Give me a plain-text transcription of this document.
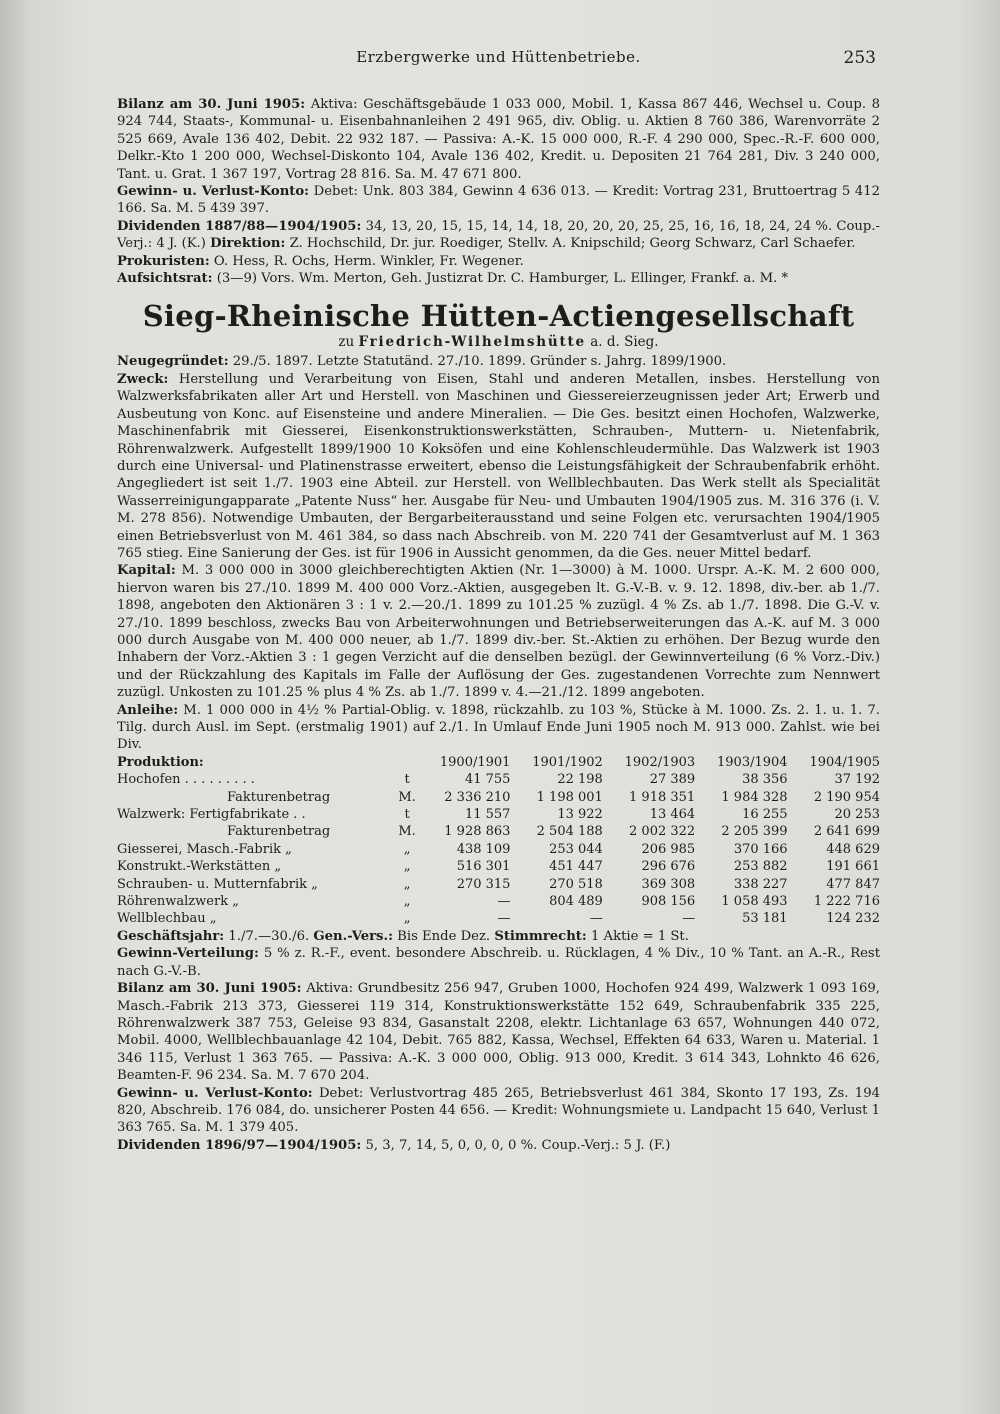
Erzbergwerke und Hüttenbetriebe.	253

Bilanz am 30. Juni 1905: Aktiva: Geschäftsgebäude 1 033 000, Mobil. 1, Kassa 867 446, Wechsel u. Coup. 8 924 744, Staats-, Kommunal- u. Eisenbahnanleihen 2 491 965, div. Oblig. u. Aktien 8 760 386, Warenvorräte 2 525 669, Avale 136 402, Debit. 22 932 187. — Passiva: A.-K. 15 000 000, R.-F. 4 290 000, Spec.-R.-F. 600 000, Delkr.-Kto 1 200 000, Wechsel-Diskonto 104, Avale 136 402, Kredit. u. Depositen 21 764 281, Div. 3 240 000, Tant. u. Grat. 1 367 197, Vortrag 28 816. Sa. M. 47 671 800.

Gewinn- u. Verlust-Konto: Debet: Unk. 803 384, Gewinn 4 636 013. — Kredit: Vortrag 231, Bruttoertrag 5 412 166. Sa. M. 5 439 397.

Dividenden 1887/88—1904/1905: 34, 13, 20, 15, 15, 14, 14, 18, 20, 20, 20, 25, 25, 16, 16, 18, 24, 24 %. Coup.-Verj.: 4 J. (K.) Direktion: Z. Hochschild, Dr. jur. Roediger, Stellv. A. Knipschild; Georg Schwarz, Carl Schaefer.

Prokuristen: O. Hess, R. Ochs, Herm. Winkler, Fr. Wegener.

Aufsichtsrat: (3—9) Vors. Wm. Merton, Geh. Justizrat Dr. C. Hamburger, L. Ellinger, Frankf. a. M. *

Sieg-Rheinische Hütten-Actiengesellschaft
zu Friedrich-Wilhelmshütte a. d. Sieg.

Neugegründet: 29./5. 1897. Letzte Statutänd. 27./10. 1899. Gründer s. Jahrg. 1899/1900.

Zweck: Herstellung und Verarbeitung von Eisen, Stahl und anderen Metallen, insbes. Herstellung von Walzwerksfabrikaten aller Art und Herstell. von Maschinen und Giessereierzeugnissen jeder Art; Erwerb und Ausbeutung von Konc. auf Eisensteine und andere Mineralien. — Die Ges. besitzt einen Hochofen, Walzwerke, Maschinenfabrik mit Giesserei, Eisenkonstruktionswerkstätten, Schrauben-, Muttern- u. Nietenfabrik, Röhrenwalzwerk. Aufgestellt 1899/1900 10 Koksöfen und eine Kohlenschleudermühle. Das Walzwerk ist 1903 durch eine Universal- und Platinenstrasse erweitert, ebenso die Leistungsfähigkeit der Schraubenfabrik erhöht. Angegliedert ist seit 1./7. 1903 eine Abteil. zur Herstell. von Wellblechbauten. Das Werk stellt als Specialität Wasserreinigungapparate „Patente Nuss“ her. Ausgabe für Neu- und Umbauten 1904/1905 zus. M. 316 376 (i. V. M. 278 856). Notwendige Umbauten, der Bergarbeiterausstand und seine Folgen etc. verursachten 1904/1905 einen Betriebsverlust von M. 461 384, so dass nach Abschreib. von M. 220 741 der Gesamtverlust auf M. 1 363 765 stieg. Eine Sanierung der Ges. ist für 1906 in Aussicht genommen, da die Ges. neuer Mittel bedarf.

Kapital: M. 3 000 000 in 3000 gleichberechtigten Aktien (Nr. 1—3000) à M. 1000. Urspr. A.-K. M. 2 600 000, hiervon waren bis 27./10. 1899 M. 400 000 Vorz.-Aktien, ausgegeben lt. G.-V.-B. v. 9. 12. 1898, div.-ber. ab 1./7. 1898, angeboten den Aktionären 3 : 1 v. 2.—20./1. 1899 zu 101.25 % zuzügl. 4 % Zs. ab 1./7. 1898. Die G.-V. v. 27./10. 1899 beschloss, zwecks Bau von Arbeiterwohnungen und Betriebserweiterungen das A.-K. auf M. 3 000 000 durch Ausgabe von M. 400 000 neuer, ab 1./7. 1899 div.-ber. St.-Aktien zu erhöhen. Der Bezug wurde den Inhabern der Vorz.-Aktien 3 : 1 gegen Verzicht auf die denselben bezügl. der Gewinnverteilung (6 % Vorz.-Div.) und der Rückzahlung des Kapitals im Falle der Auflösung der Ges. zugestandenen Vorrechte zum Nennwert zuzügl. Unkosten zu 101.25 % plus 4 % Zs. ab 1./7. 1899 v. 4.—21./12. 1899 angeboten.

Anleihe: M. 1 000 000 in 4½ % Partial-Oblig. v. 1898, rückzahlb. zu 103 %, Stücke à M. 1000. Zs. 2. 1. u. 1. 7. Tilg. durch Ausl. im Sept. (erstmalig 1901) auf 2./1. In Umlauf Ende Juni 1905 noch M. 913 000. Zahlst. wie bei Div.

Produktion:		1900/1901	1901/1902	1902/1903	1903/1904	1904/1905
Hochofen . . . . . . . . .	t	41 755	22 198	27 389	38 356	37 192
Fakturenbetrag	M.	2 336 210	1 198 001	1 918 351	1 984 328	2 190 954
Walzwerk: Fertigfabrikate . .	t	11 557	13 922	13 464	16 255	20 253
Fakturenbetrag	M.	1 928 863	2 504 188	2 002 322	2 205 399	2 641 699
Giesserei, Masch.-Fabrik „	„	438 109	253 044	206 985	370 166	448 629
Konstrukt.-Werkstätten „	„	516 301	451 447	296 676	253 882	191 661
Schrauben- u. Mutternfabrik „	„	270 315	270 518	369 308	338 227	477 847
Röhrenwalzwerk „	„	—	804 489	908 156	1 058 493	1 222 716
Wellblechbau „	„	—	—	—	53 181	124 232

Geschäftsjahr: 1./7.—30./6. Gen.-Vers.: Bis Ende Dez. Stimmrecht: 1 Aktie = 1 St.

Gewinn-Verteilung: 5 % z. R.-F., event. besondere Abschreib. u. Rücklagen, 4 % Div., 10 % Tant. an A.-R., Rest nach G.-V.-B.

Bilanz am 30. Juni 1905: Aktiva: Grundbesitz 256 947, Gruben 1000, Hochofen 924 499, Walzwerk 1 093 169, Masch.-Fabrik 213 373, Giesserei 119 314, Konstruktionswerkstätte 152 649, Schraubenfabrik 335 225, Röhrenwalzwerk 387 753, Geleise 93 834, Gasanstalt 2208, elektr. Lichtanlage 63 657, Wohnungen 440 072, Mobil. 4000, Wellblechbauanlage 42 104, Debit. 765 882, Kassa, Wechsel, Effekten 64 633, Waren u. Material. 1 346 115, Verlust 1 363 765. — Passiva: A.-K. 3 000 000, Oblig. 913 000, Kredit. 3 614 343, Lohnkto 46 626, Beamten-F. 96 234. Sa. M. 7 670 204.

Gewinn- u. Verlust-Konto: Debet: Verlustvortrag 485 265, Betriebsverlust 461 384, Skonto 17 193, Zs. 194 820, Abschreib. 176 084, do. unsicherer Posten 44 656. — Kredit: Wohnungsmiete u. Landpacht 15 640, Verlust 1 363 765. Sa. M. 1 379 405.

Dividenden 1896/97—1904/1905: 5, 3, 7, 14, 5, 0, 0, 0, 0 %. Coup.-Verj.: 5 J. (F.)
